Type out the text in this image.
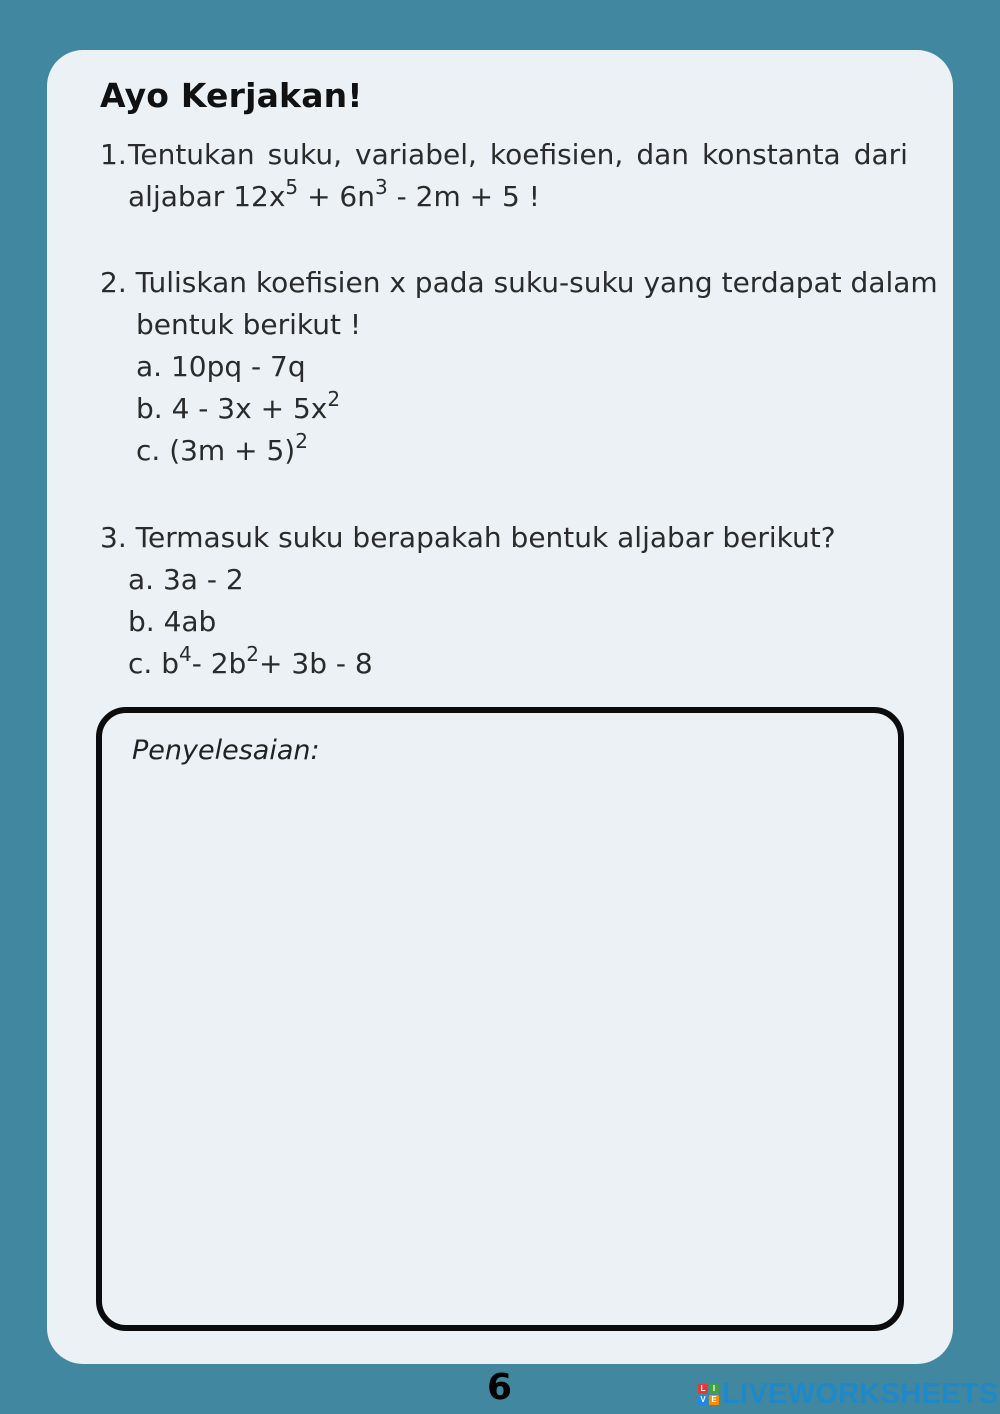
Ayo Kerjakan!
1. Tentukan suku, variabel, koefisien, dan konstanta dari
aljabar $12x^5 + 6n^3 - 2m + 5$ !
2. Tuliskan koefisien x pada suku-suku yang terdapat dalam
bentuk berikut !
a. 10pq - 7q
b. $4 - 3x + 5x^2$
c. $(3m + 5)^2$
3. Termasuk suku berapakah bentuk aljabar berikut?
a. 3a - 2
b. 4ab
c. $b^4-$ $2b^2+ 3b - 8$
Penyelesaian:
6	L I
V E LIVEWORKSHEETS
